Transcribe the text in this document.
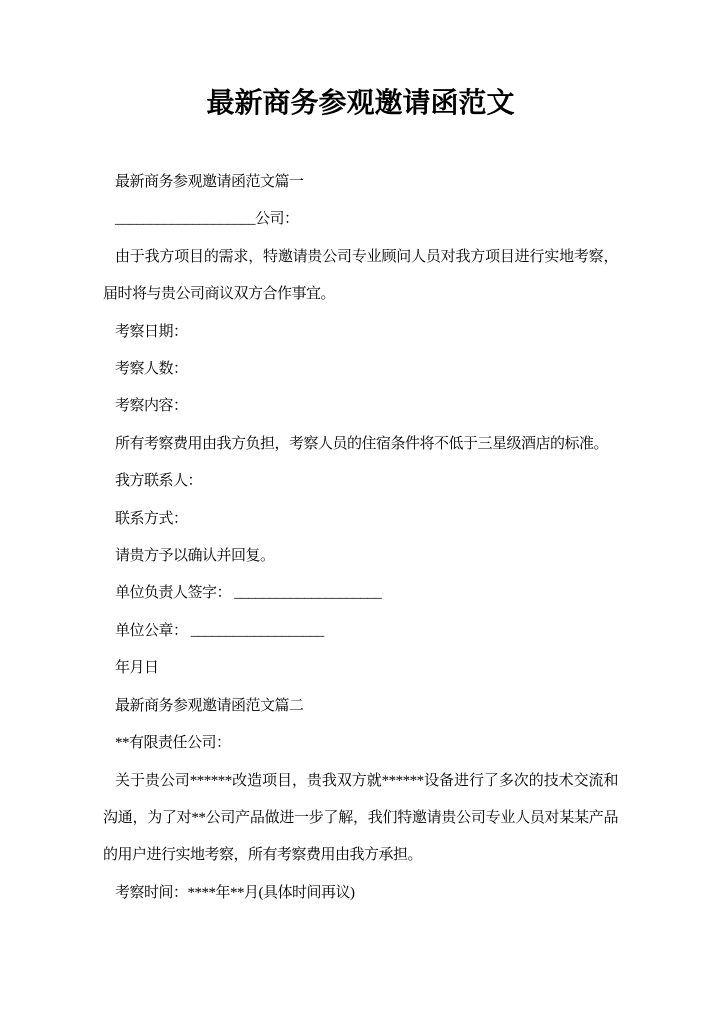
最新商务参观邀请函范文

最新商务参观邀请函范文篇一

____________________公司：

由于我方项目的需求，特邀请贵公司专业顾问人员对我方项目进行实地考察，届时将与贵公司商议双方合作事宜。

考察日期：

考察人数：

考察内容：

所有考察费用由我方负担，考察人员的住宿条件将不低于三星级酒店的标准。

我方联系人：

联系方式：

请贵方予以确认并回复。

单位负责人签字： _____________________

单位公章： ___________________

年月日

最新商务参观邀请函范文篇二

**有限责任公司：

关于贵公司******改造项目，贵我双方就******设备进行了多次的技术交流和沟通，为了对**公司产品做进一步了解，我们特邀请贵公司专业人员对某某产品的用户进行实地考察，所有考察费用由我方承担。

考察时间：****年**月(具体时间再议)
